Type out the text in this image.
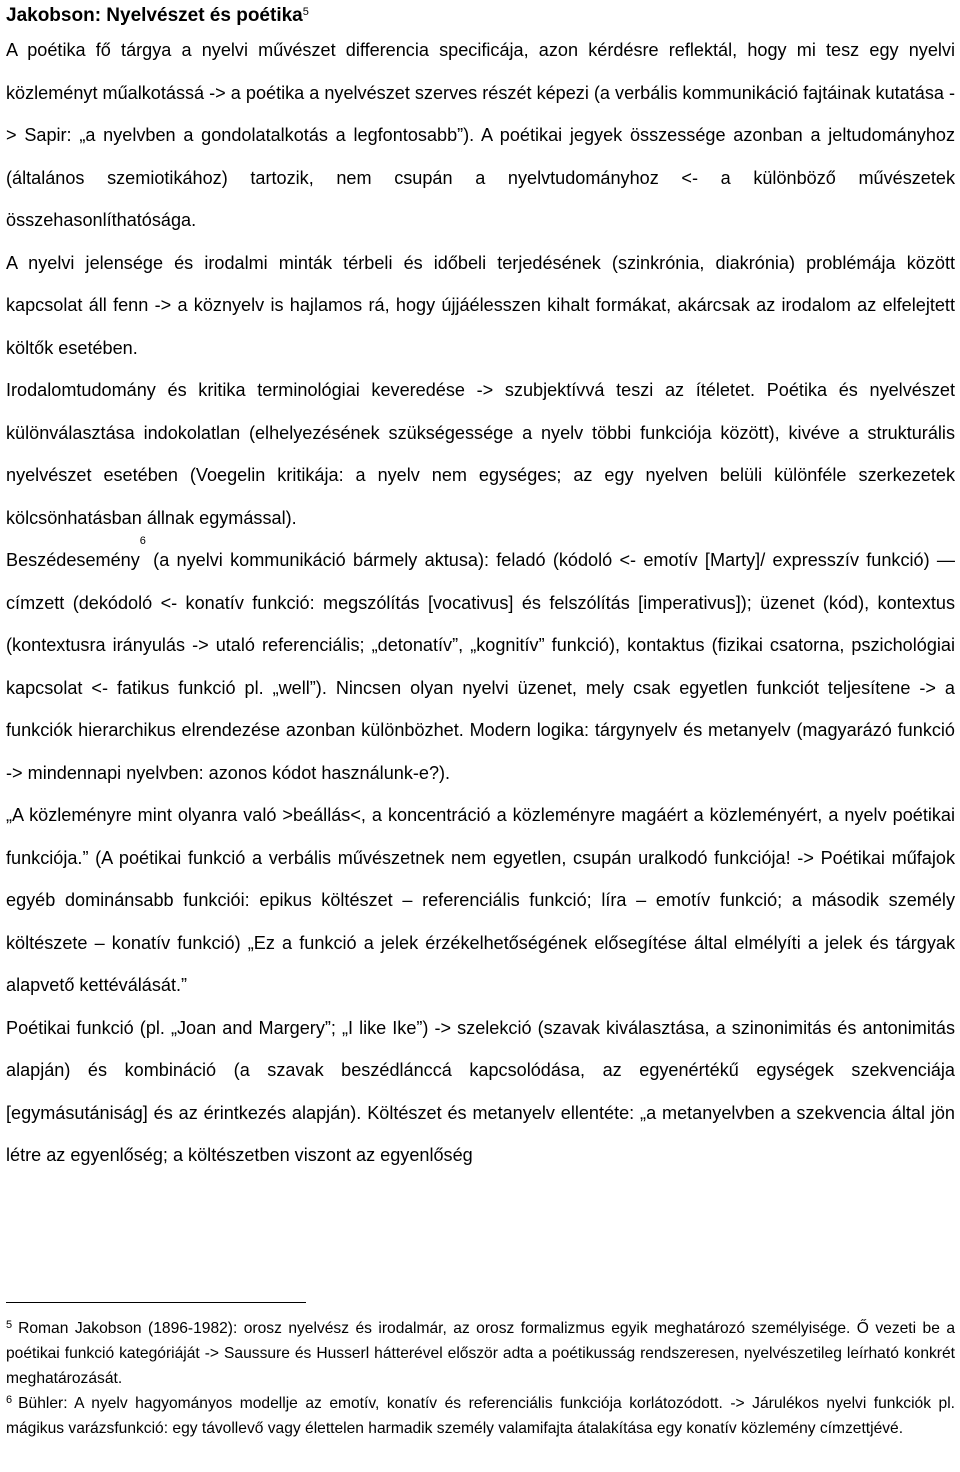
Jakobson: Nyelvészet és poétika$^5$

A poétika fő tárgya a nyelvi művészet differencia specificája, azon kérdésre reflektál, hogy mi tesz egy nyelvi közleményt műalkotássá -> a poétika a nyelvészet szerves részét képezi (a verbális kommunikáció fajtáinak kutatása -> Sapir: „a nyelvben a gondolatalkotás a legfontosabb”). A poétikai jegyek összessége azonban a jeltudományhoz (általános szemiotikához) tartozik, nem csupán a nyelvtudományhoz <- a különböző művészetek összehasonlíthatósága.

A nyelvi jelensége és irodalmi minták térbeli és időbeli terjedésének (szinkrónia, diakrónia) problémája között kapcsolat áll fenn -> a köznyelv is hajlamos rá, hogy újjáélesszen kihalt formákat, akárcsak az irodalom az elfelejtett költők esetében.

Irodalomtudomány és kritika terminológiai keveredése -> szubjektívvá teszi az ítéletet. Poétika és nyelvészet különválasztása indokolatlan (elhelyezésének szükségessége a nyelv többi funkciója között), kivéve a strukturális nyelvészet esetében (Voegelin kritikája: a nyelv nem egységes; az egy nyelven belüli különféle szerkezetek kölcsönhatásban állnak egymással).

Beszédesemény$^6$ (a nyelvi kommunikáció bármely aktusa): feladó (kódoló <- emotív [Marty]/ expresszív funkció) — címzett (dekódoló <- konatív funkció: megszólítás [vocativus] és felszólítás [imperativus]); üzenet (kód), kontextus (kontextusra irányulás -> utaló referenciális; „detonatív”, „kognitív” funkció), kontaktus (fizikai csatorna, pszichológiai kapcsolat <- fatikus funkció pl. „well”). Nincsen olyan nyelvi üzenet, mely csak egyetlen funkciót teljesítene -> a funkciók hierarchikus elrendezése azonban különbözhet. Modern logika: tárgynyelv és metanyelv (magyarázó funkció -> mindennapi nyelvben: azonos kódot használunk-e?).

„A közleményre mint olyanra való >beállás<, a koncentráció a közleményre magáért a közleményért, a nyelv poétikai funkciója.” (A poétikai funkció a verbális művészetnek nem egyetlen, csupán uralkodó funkciója! -> Poétikai műfajok egyéb dominánsabb funkciói: epikus költészet – referenciális funkció; líra – emotív funkció; a második személy költészete – konatív funkció) „Ez a funkció a jelek érzékelhetőségének elősegítése által elmélyíti a jelek és tárgyak alapvető kettéválását.”

Poétikai funkció (pl. „Joan and Margery”; „I like Ike”) -> szelekció (szavak kiválasztása, a szinonimitás és antonimitás alapján) és kombináció (a szavak beszédlánccá kapcsolódása, az egyenértékű egységek szekvenciája [egymásutániság] és az érintkezés alapján). Költészet és metanyelv ellentéte: „a metanyelvben a szekvencia által jön létre az egyenlőség; a költészetben viszont az egyenlőség

$^5$ Roman Jakobson (1896-1982): orosz nyelvész és irodalmár, az orosz formalizmus egyik meghatározó személyisége. Ő vezeti be a poétikai funkció kategóriáját -> Saussure és Husserl hátterével először adta a poétikusság rendszeresen, nyelvészetileg leírható konkrét meghatározását.

$^6$ Bühler: A nyelv hagyományos modellje az emotív, konatív és referenciális funkciója korlátozódott. -> Járulékos nyelvi funkciók pl. mágikus varázsfunkció: egy távollevő vagy élettelen harmadik személy valamifajta átalakítása egy konatív közlemény címzettjévé.
